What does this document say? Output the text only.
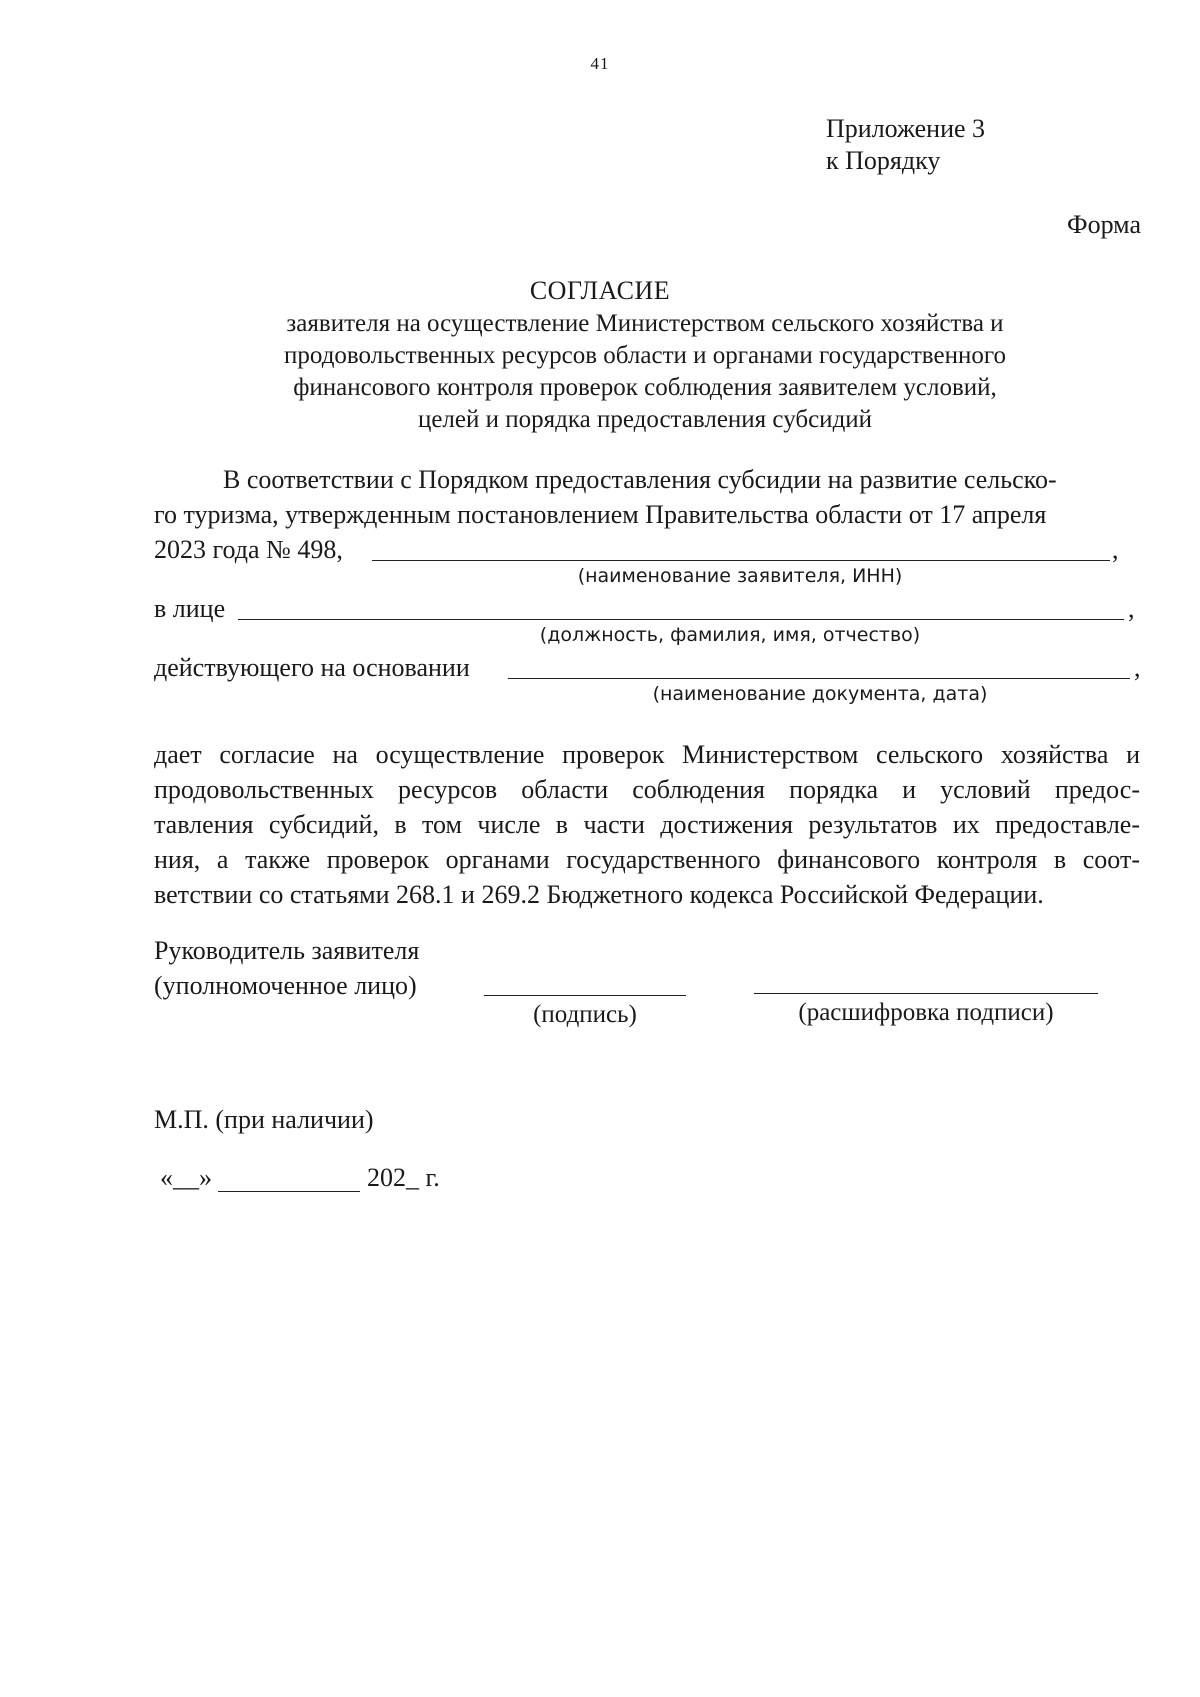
41
Приложение 3
к Порядку
Форма
СОГЛАСИЕ
заявителя на осуществление Министерством сельского хозяйства и продовольственных ресурсов области и органами государственного финансового контроля проверок соблюдения заявителем условий, целей и порядка предоставления субсидий
В соответствии с Порядком предоставления субсидии на развитие сельско-
го туризма, утвержденным постановлением Правительства области от 17 апреля
2023 года № 498,	,
(наименование заявителя, ИНН)
в лице	,
(должность, фамилия, имя, отчество)
действующего на основании	,
(наименование документа, дата)
дает согласие на осуществление проверок Министерством сельского хозяйства и
продовольственных ресурсов области соблюдения порядка и условий предос-
тавления субсидий, в том числе в части достижения результатов их предоставле-
ния, а также проверок органами государственного финансового контроля в соот-
ветствии со статьями 268.1 и 269.2 Бюджетного кодекса Российской Федерации.
Руководитель заявителя
(уполномоченное лицо)
(подпись)	(расшифровка подписи)
М.П. (при наличии)
«__»	202_ г.
